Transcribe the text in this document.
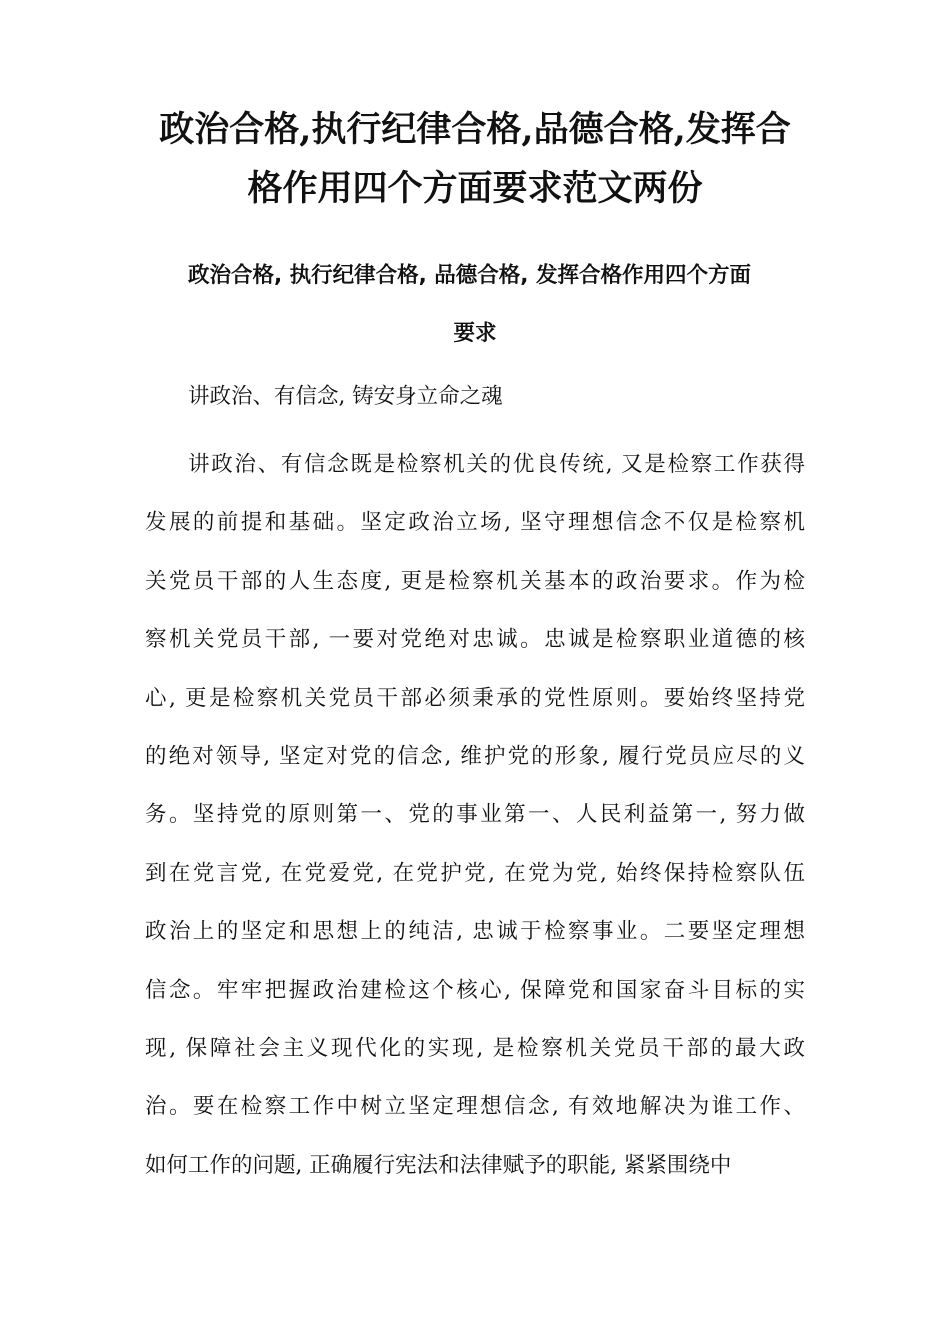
政治合格,执行纪律合格,品德合格,发挥合
格作用四个方面要求范文两份
政治合格, 执行纪律合格, 品德合格, 发挥合格作用四个方面
要求

讲政治、有信念, 铸安身立命之魂

讲政治、有信念既是检察机关的优良传统, 又是检察工作获得
发展的前提和基础。坚定政治立场, 坚守理想信念不仅是检察机
关党员干部的人生态度, 更是检察机关基本的政治要求。作为检
察机关党员干部, 一要对党绝对忠诚。忠诚是检察职业道德的核
心, 更是检察机关党员干部必须秉承的党性原则。要始终坚持党
的绝对领导, 坚定对党的信念, 维护党的形象, 履行党员应尽的义
务。坚持党的原则第一、党的事业第一、人民利益第一, 努力做
到在党言党, 在党爱党, 在党护党, 在党为党, 始终保持检察队伍
政治上的坚定和思想上的纯洁, 忠诚于检察事业。二要坚定理想
信念。牢牢把握政治建检这个核心, 保障党和国家奋斗目标的实
现, 保障社会主义现代化的实现, 是检察机关党员干部的最大政
治。要在检察工作中树立坚定理想信念, 有效地解决为谁工作、
如何工作的问题, 正确履行宪法和法律赋予的职能, 紧紧围绕中
